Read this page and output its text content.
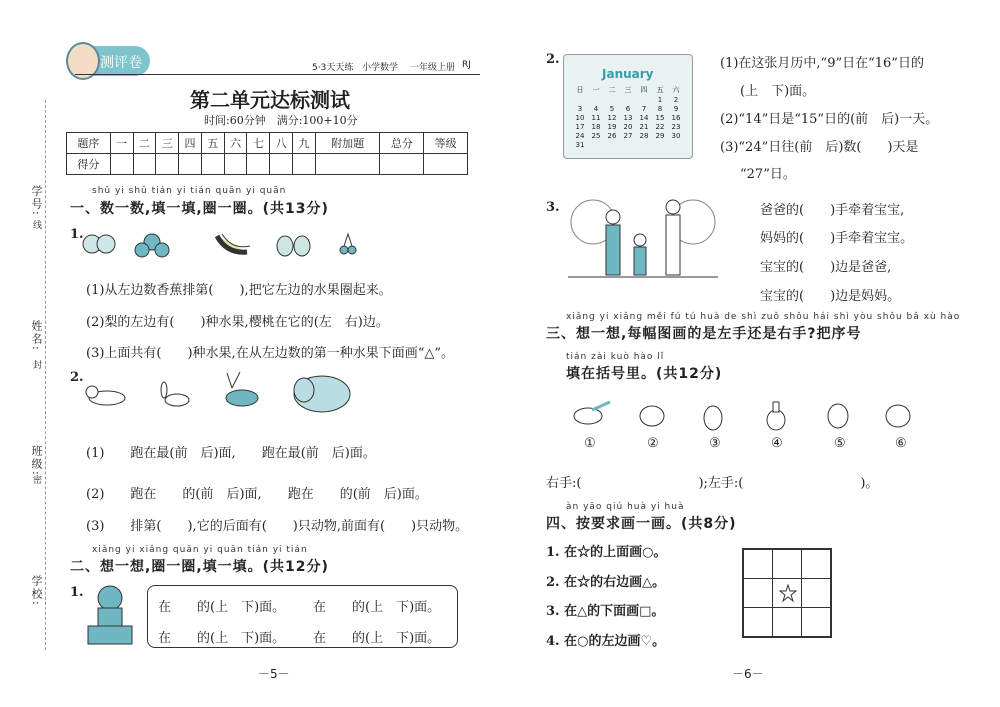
学号:
姓名:
班级:
学校:
线
封
密
测评卷	5·3天天练 小学数学 一年级上册 RJ
第二单元达标测试
时间:60分钟　满分:100+10分
题序	一	二	三	四	五	六	七	八	九	附加题	总分	等级
得分												
shǔ yi shǔ tián yi tián quān yi quān
一、数一数,填一填,圈一圈。(共13分)
1.
(1)从左边数香蕉排第(　　),把它左边的水果圈起来。
(2)梨的左边有(　　)种水果,樱桃在它的(左　右)边。
(3)上面共有(　　)种水果,在从左边数的第一种水果下面画“△”。
2.
(1)　　跑在最(前　后)面,　　跑在最(前　后)面。
(2)　　跑在　　的(前　后)面,　　跑在　　的(前　后)面。
(3)　　排第(　　),它的后面有(　　)只动物,前面有(　　)只动物。
xiǎng yi xiǎng quān yi quān tián yi tián
二、想一想,圈一圈,填一填。(共12分)
1.
在　　的(上　下)面。 在　　的(上　下)面。
在　　的(上　下)面。 在　　的(上　下)面。
－5－
2.
January
日	一	二	三	四	五	六
					1	2
3	4	5	6	7	8	9
10	11	12	13	14	15	16
17	18	19	20	21	22	23
24	25	26	27	28	29	30
31						
(1)在这张月历中,“9”日在“16”日的
(上　下)面。
(2)“14”日是“15”日的(前　后)一天。
(3)“24”日往(前　后)数(　　)天是
“27”日。
3.	爸爸的(　　)手牵着宝宝,
妈妈的(　　)手牵着宝宝。
宝宝的(　　)边是爸爸,
宝宝的(　　)边是妈妈。
xiǎng yi xiǎng měi fú tú huà de shì zuǒ shǒu hái shì yòu shǒu bǎ xù hào
三、想一想,每幅图画的是左手还是右手?把序号
tián zài kuò hào lǐ
填在括号里。(共12分)
①	②	③	④	⑤	⑥
右手:(　　　　　　　　　);左手:(　　　　　　　　　)。
àn yāo qiú huà yi huà
四、按要求画一画。(共8分)
1. 在☆的上面画○。
2. 在☆的右边画△。
3. 在△的下面画□。
4. 在○的左边画♡。
－6－
